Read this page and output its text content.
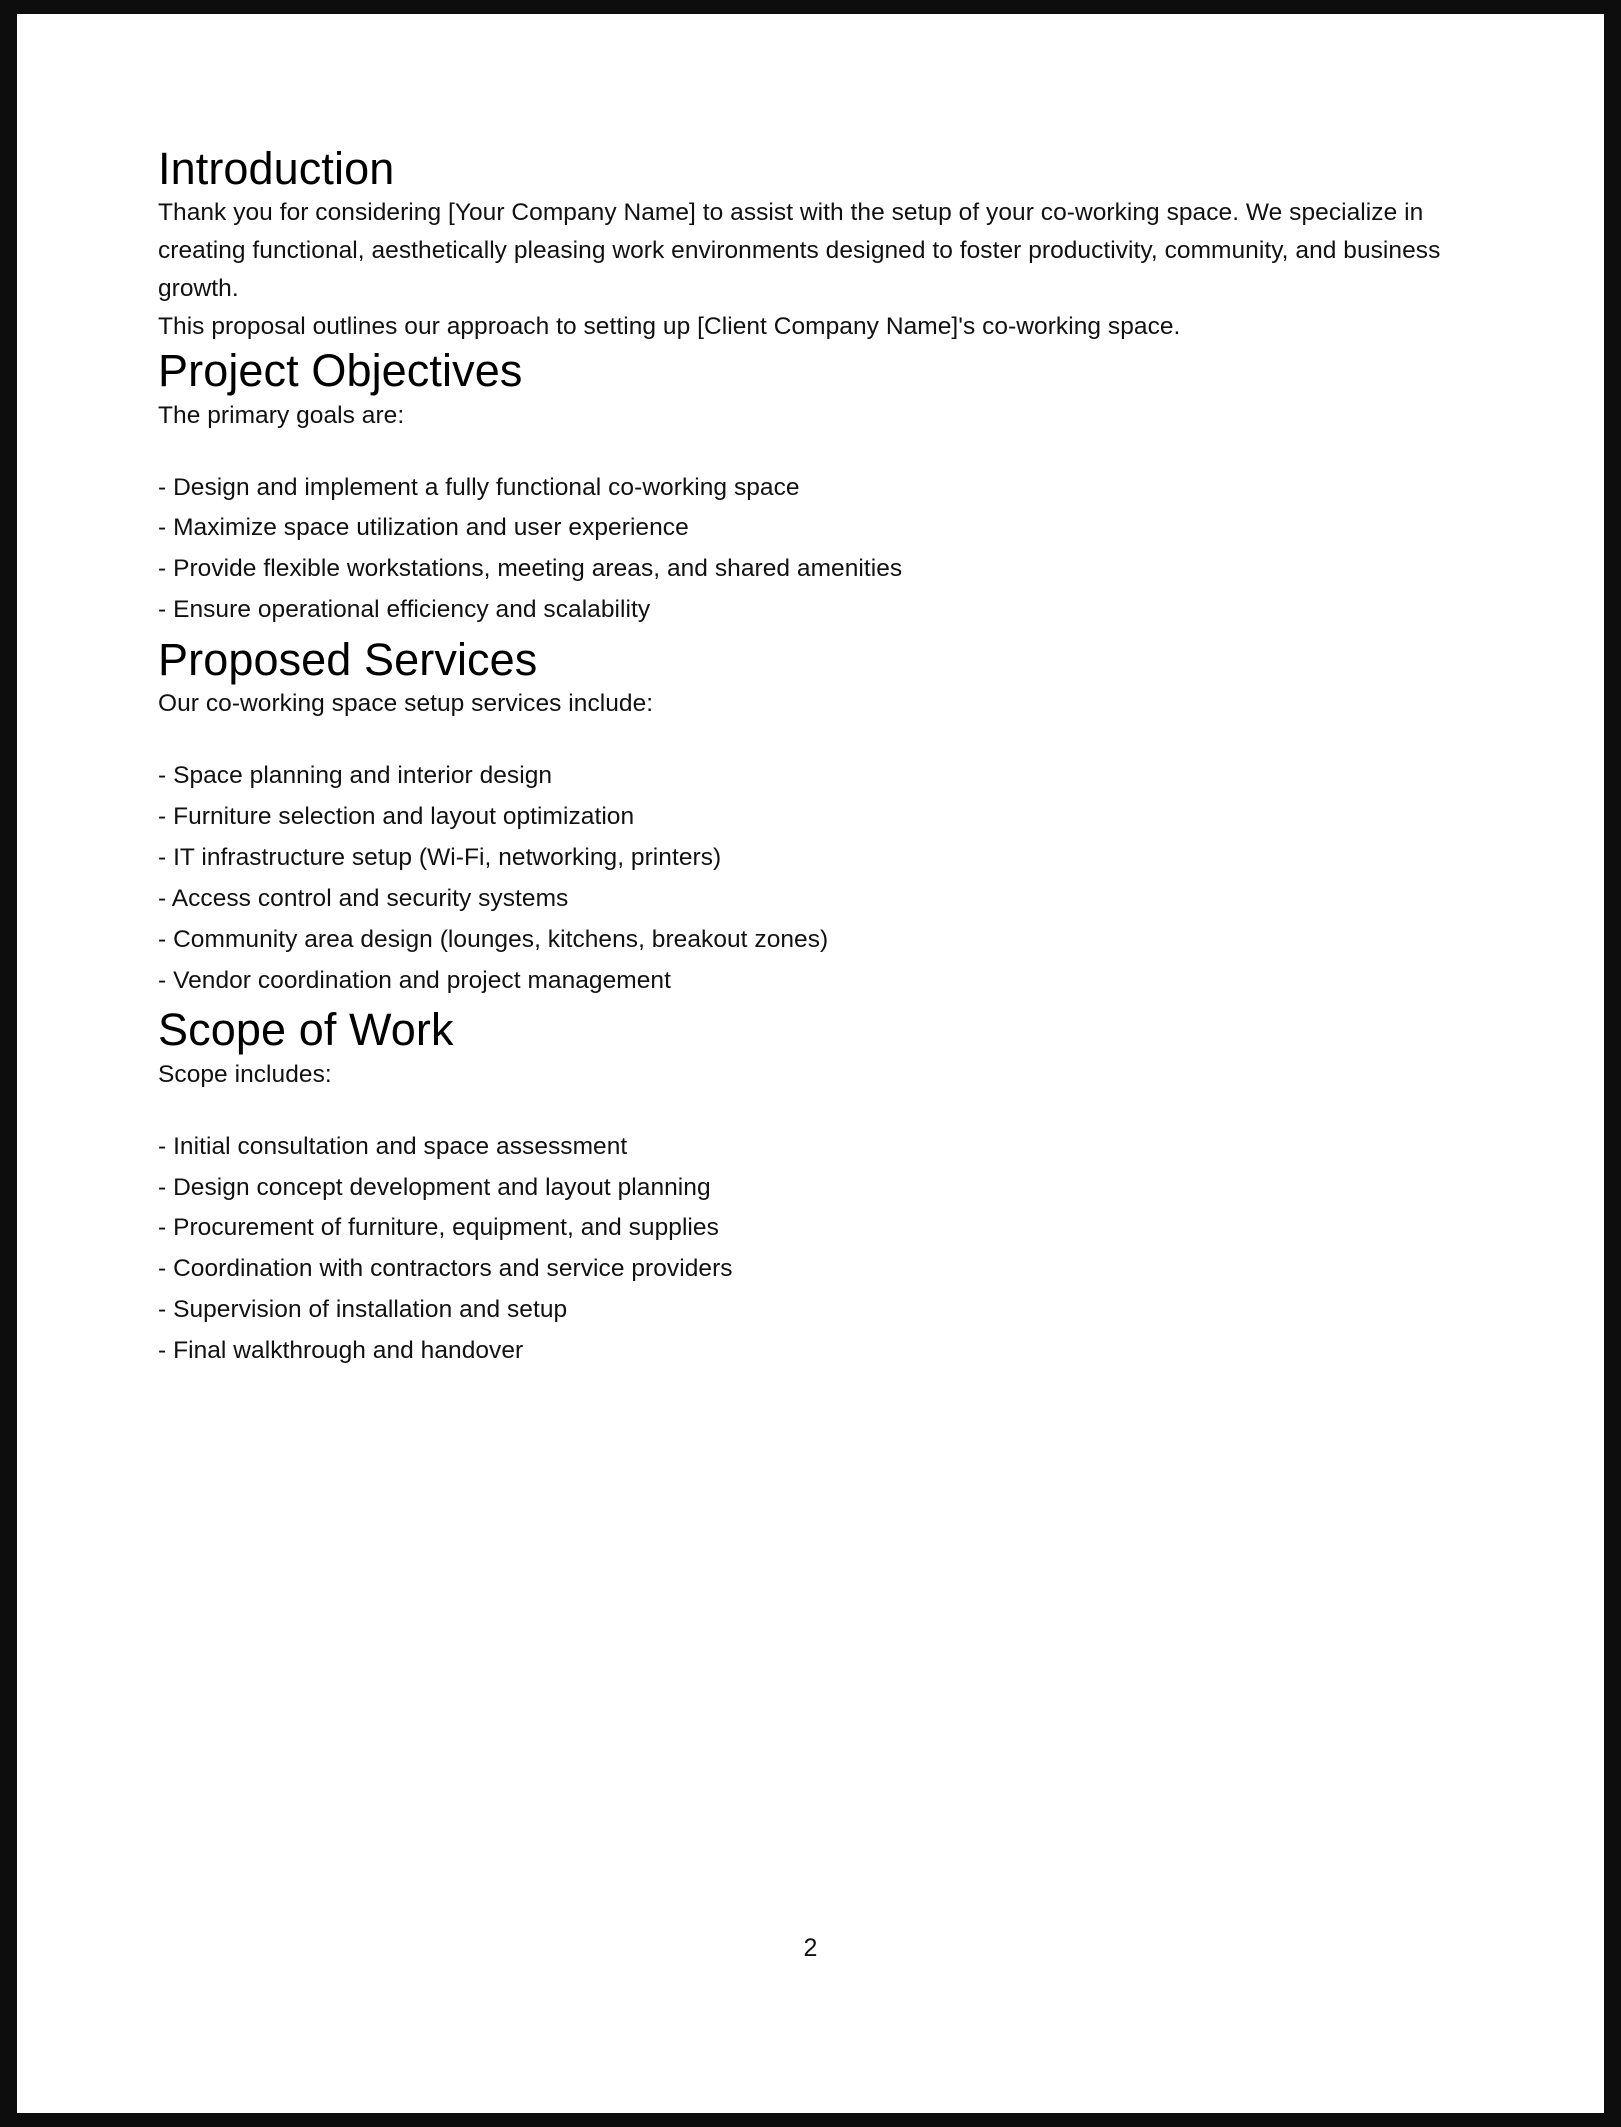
Introduction

Thank you for considering [Your Company Name] to assist with the setup of your co-working space. We specialize in creating functional, aesthetically pleasing work environments designed to foster productivity, community, and business growth.

This proposal outlines our approach to setting up [Client Company Name]'s co-working space.

Project Objectives

The primary goals are:

- Design and implement a fully functional co-working space
- Maximize space utilization and user experience
- Provide flexible workstations, meeting areas, and shared amenities
- Ensure operational efficiency and scalability
Proposed Services

Our co-working space setup services include:

- Space planning and interior design
- Furniture selection and layout optimization
- IT infrastructure setup (Wi-Fi, networking, printers)
- Access control and security systems
- Community area design (lounges, kitchens, breakout zones)
- Vendor coordination and project management
Scope of Work

Scope includes:

- Initial consultation and space assessment
- Design concept development and layout planning
- Procurement of furniture, equipment, and supplies
- Coordination with contractors and service providers
- Supervision of installation and setup
- Final walkthrough and handover
2
